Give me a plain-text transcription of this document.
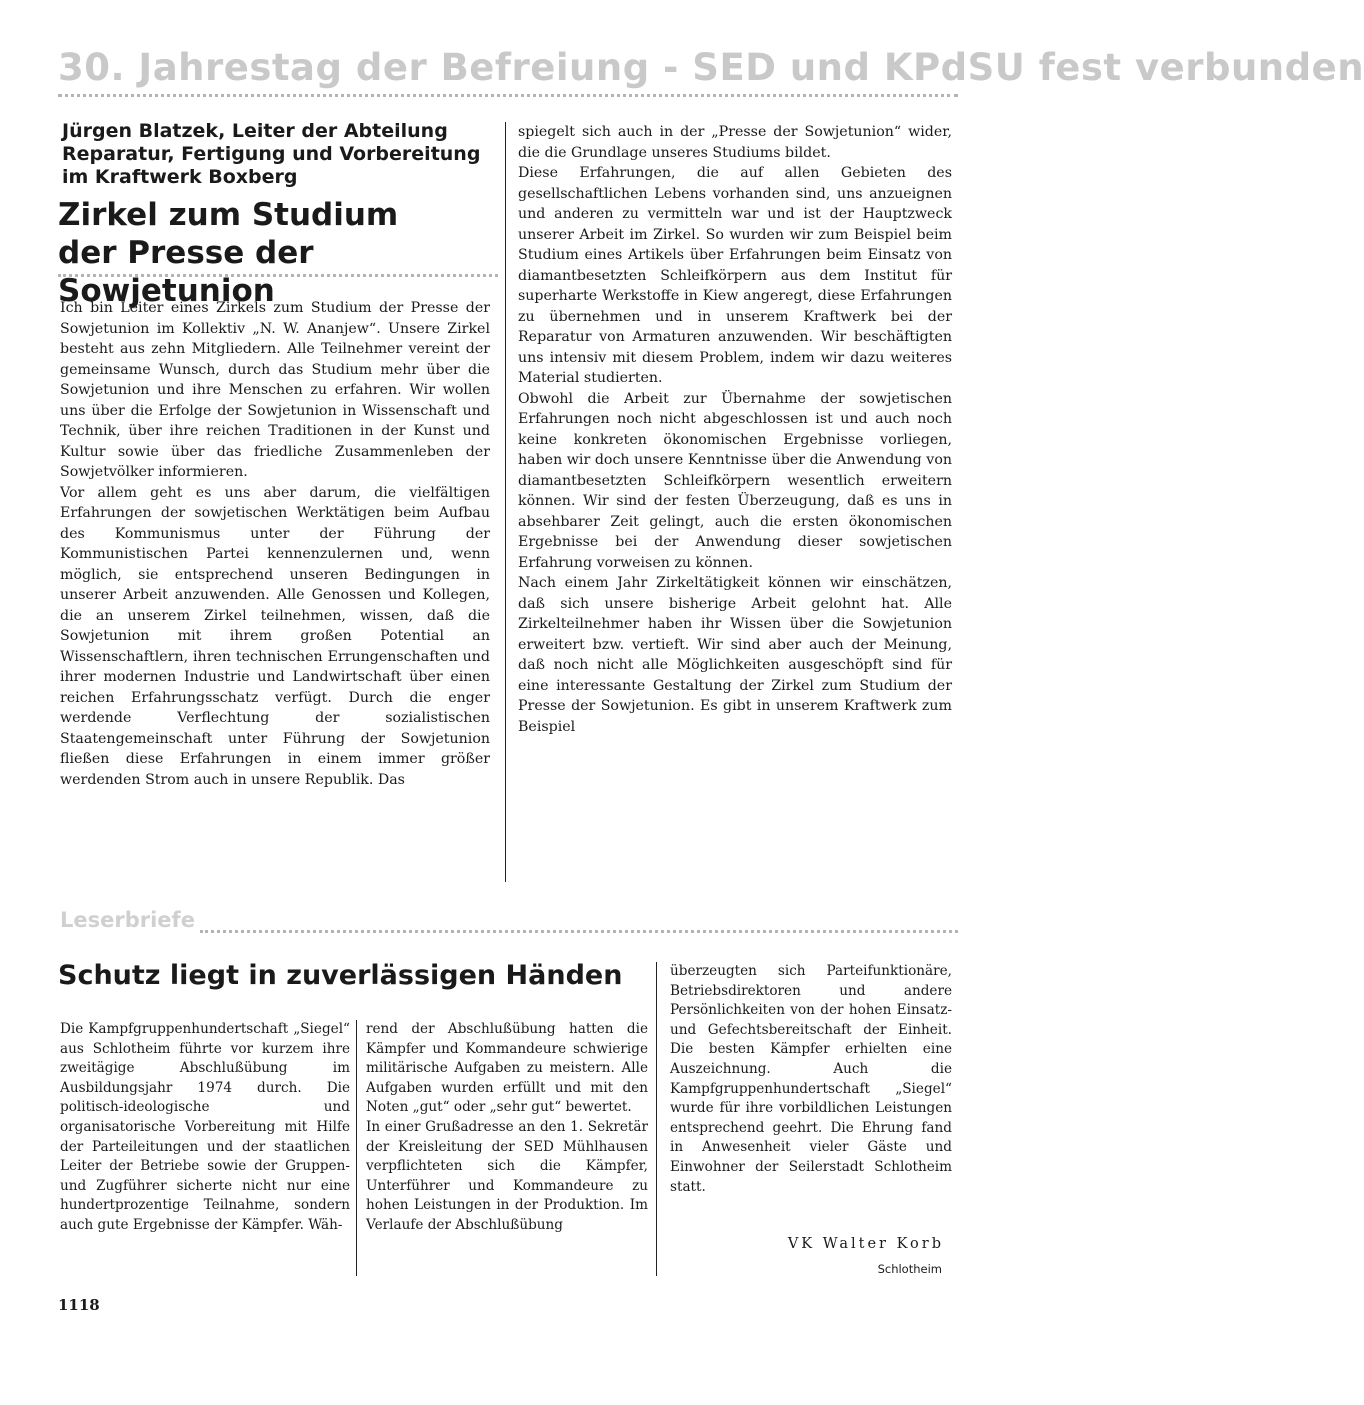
30. Jahrestag der Befreiung - SED und KPdSU fest verbunden
Jürgen Blatzek, Leiter der Abteilung Reparatur, Fertigung und Vorbereitung im Kraftwerk Boxberg
Zirkel zum Studium
der Presse der Sowjetunion

Ich bin Leiter eines Zirkels zum Studium der Presse der Sowjetunion im Kollektiv „N. W. Ananjew“. Unsere Zirkel besteht aus zehn Mitgliedern. Alle Teilnehmer vereint der gemeinsame Wunsch, durch das Studium mehr über die Sowjetunion und ihre Menschen zu erfahren. Wir wollen uns über die Erfolge der Sowjetunion in Wissenschaft und Technik, über ihre reichen Traditionen in der Kunst und Kultur sowie über das friedliche Zusammenleben der Sowjetvölker informieren.

Vor allem geht es uns aber darum, die vielfältigen Erfahrungen der sowjetischen Werktätigen beim Aufbau des Kommunismus unter der Führung der Kommunistischen Partei kennenzulernen und, wenn möglich, sie entsprechend unseren Bedingungen in unserer Arbeit anzuwenden. Alle Genossen und Kollegen, die an unserem Zirkel teilnehmen, wissen, daß die Sowjetunion mit ihrem großen Potential an Wissenschaftlern, ihren technischen Errungenschaften und ihrer modernen Industrie und Landwirtschaft über einen reichen Erfahrungsschatz verfügt. Durch die enger werdende Verflechtung der sozialistischen Staatengemeinschaft unter Führung der Sowjetunion fließen diese Erfahrungen in einem immer größer werdenden Strom auch in unsere Republik. Das

spiegelt sich auch in der „Presse der Sowjetunion“ wider, die die Grundlage unseres Studiums bildet.

Diese Erfahrungen, die auf allen Gebieten des gesellschaftlichen Lebens vorhanden sind, uns anzueignen und anderen zu vermitteln war und ist der Hauptzweck unserer Arbeit im Zirkel. So wurden wir zum Beispiel beim Studium eines Artikels über Erfahrungen beim Einsatz von diamantbesetzten Schleifkörpern aus dem Institut für superharte Werkstoffe in Kiew angeregt, diese Erfahrungen zu übernehmen und in unserem Kraftwerk bei der Reparatur von Armaturen anzuwenden. Wir beschäftigten uns intensiv mit diesem Problem, indem wir dazu weiteres Material studierten.

Obwohl die Arbeit zur Übernahme der sowjetischen Erfahrungen noch nicht abgeschlossen ist und auch noch keine konkreten ökonomischen Ergebnisse vorliegen, haben wir doch unsere Kenntnisse über die Anwendung von diamantbesetzten Schleifkörpern wesentlich erweitern können. Wir sind der festen Überzeugung, daß es uns in absehbarer Zeit gelingt, auch die ersten ökonomischen Ergebnisse bei der Anwendung dieser sowjetischen Erfahrung vorweisen zu können.

Nach einem Jahr Zirkeltätigkeit können wir einschätzen, daß sich unsere bisherige Arbeit gelohnt hat. Alle Zirkelteilnehmer haben ihr Wissen über die Sowjetunion erweitert bzw. vertieft. Wir sind aber auch der Meinung, daß noch nicht alle Möglichkeiten ausgeschöpft sind für eine interessante Gestaltung der Zirkel zum Studium der Presse der Sowjetunion. Es gibt in unserem Kraftwerk zum Beispiel

Leserbriefe
Schutz liegt in zuverlässigen Händen

Die Kampfgruppenhundertschaft „Siegel“ aus Schlotheim führte vor kurzem ihre zweitägige Abschlußübung im Ausbildungsjahr 1974 durch. Die politisch-ideologische und organisatorische Vorbereitung mit Hilfe der Parteileitungen und der staatlichen Leiter der Betriebe sowie der Gruppen- und Zugführer sicherte nicht nur eine hundertprozentige Teilnahme, sondern auch gute Ergebnisse der Kämpfer. Wäh-

rend der Abschlußübung hatten die Kämpfer und Kommandeure schwierige militärische Aufgaben zu meistern. Alle Aufgaben wurden erfüllt und mit den Noten „gut“ oder „sehr gut“ bewertet.

In einer Grußadresse an den 1. Sekretär der Kreisleitung der SED Mühlhausen verpflichteten sich die Kämpfer, Unterführer und Kommandeure zu hohen Leistungen in der Produktion. Im Verlaufe der Abschlußübung

überzeugten sich Parteifunktionäre, Betriebsdirektoren und andere Persönlichkeiten von der hohen Einsatz- und Gefechtsbereitschaft der Einheit. Die besten Kämpfer erhielten eine Auszeichnung. Auch die Kampfgruppenhundertschaft „Siegel“ wurde für ihre vorbildlichen Leistungen entsprechend geehrt. Die Ehrung fand in Anwesenheit vieler Gäste und Einwohner der Seilerstadt Schlotheim statt.

VK Walter Korb
Schlotheim
1118
